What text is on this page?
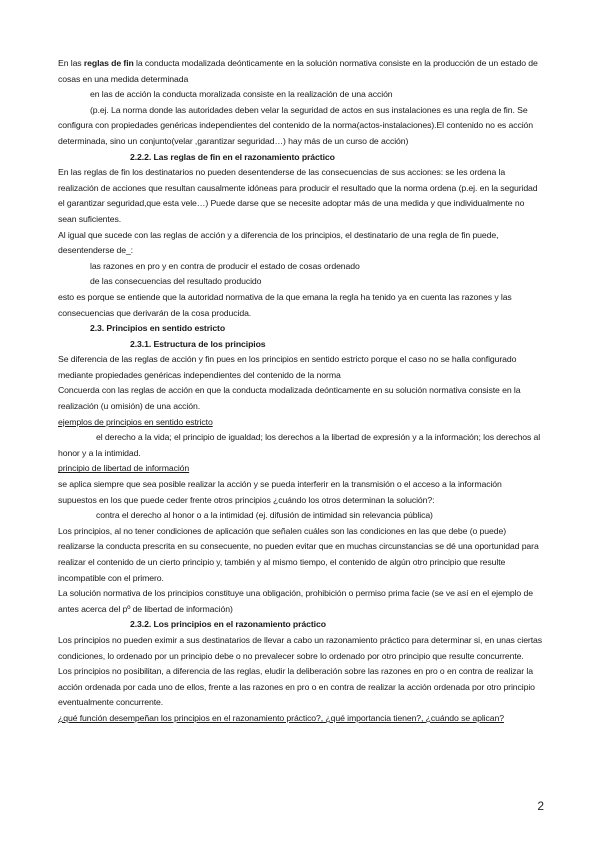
En las reglas de fin la conducta modalizada deónticamente en la solución normativa consiste en la producción de un estado de cosas en una medida determinada

en las de acción la conducta moralizada consiste en la realización de una acción

(p.ej. La norma donde las autoridades deben velar la seguridad de actos en sus instalaciones es una regla de fin. Se configura con propiedades genéricas independientes del contenido de la norma(actos-instalaciones).El contenido no es acción determinada, sino un conjunto(velar ,garantizar seguridad…) hay más de un curso de acción)

2.2.2. Las reglas de fin en el razonamiento práctico

En las reglas de fin los destinatarios no pueden desentenderse de las consecuencias de sus acciones: se les ordena la realización de acciones que resultan causalmente idóneas para producir el resultado que la norma ordena (p.ej. en la seguridad el garantizar seguridad,que esta vele…) Puede darse que se necesite adoptar más de una medida y que individualmente no sean suficientes.

Al igual que sucede con las reglas de acción y a diferencia de los principios, el destinatario de una regla de fin puede, desentenderse de_:

las razones en pro y en contra de producir el estado de cosas ordenado

de las consecuencias del resultado producido

esto es porque se entiende que la autoridad normativa de la que emana la regla ha tenido ya en cuenta las razones y las consecuencias que derivarán de la cosa producida.

2.3. Principios en sentido estricto

2.3.1. Estructura de los principios

Se diferencia de las reglas de acción y fin pues en los principios en sentido estricto porque el caso no se halla configurado mediante propiedades genéricas independientes del contenido de la norma

Concuerda con las reglas de acción en que la conducta modalizada deónticamente en su solución normativa consiste en la realización (u omisión) de una acción.

ejemplos de principios en sentido estricto

el derecho a la vida; el principio de igualdad; los derechos a la libertad de expresión y a la información; los derechos al honor y a la intimidad.

principio de libertad de información

se aplica siempre que sea posible realizar la acción y se pueda interferir en la transmisión o el acceso a la información

supuestos en los que puede ceder frente otros principios ¿cuándo los otros determinan la solución?:

contra el derecho al honor o a la intimidad (ej. difusión de intimidad sin relevancia pública)

Los principios, al no tener condiciones de aplicación que señalen cuáles son las condiciones en las que debe (o puede) realizarse la conducta prescrita en su consecuente, no pueden evitar que en muchas circunstancias se dé una oportunidad para realizar el contenido de un cierto principio y, también y al mismo tiempo, el contenido de algún otro principio que resulte incompatible con el primero.

La solución normativa de los principios constituye una obligación, prohibición o permiso prima facie (se ve así en el ejemplo de antes acerca del pº de libertad de información)

2.3.2. Los principios en el razonamiento práctico

Los principios no pueden eximir a sus destinatarios de llevar a cabo un razonamiento práctico para determinar si, en unas ciertas condiciones, lo ordenado por un principio debe o no prevalecer sobre lo ordenado por otro principio que resulte concurrente.

Los principios no posibilitan, a diferencia de las reglas, eludir la deliberación sobre las razones en pro o en contra de realizar la acción ordenada por cada uno de ellos, frente a las razones en pro o en contra de realizar la acción ordenada por otro principio eventualmente concurrente.

¿qué función desempeñan los principios en el razonamiento práctico?, ¿qué importancia tienen?, ¿cuándo se aplican?

2
